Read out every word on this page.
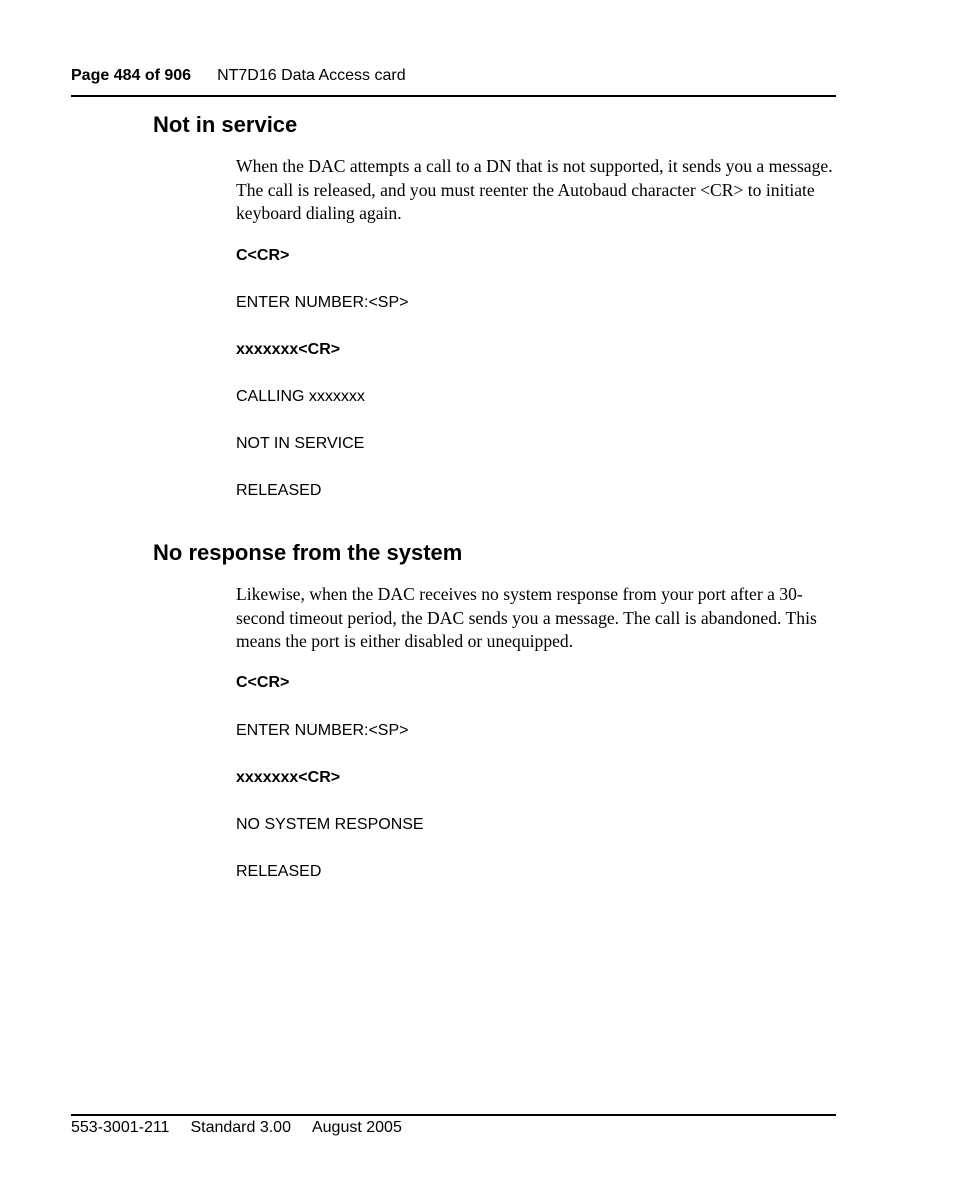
Page 484 of 906 NT7D16 Data Access card
Not in service
When the DAC attempts a call to a DN that is not supported, it sends you a message. The call is released, and you must reenter the Autobaud character <CR> to initiate keyboard dialing again.
C<CR>
ENTER NUMBER:<SP>
xxxxxxx<CR>
CALLING xxxxxxx
NOT IN SERVICE
RELEASED
No response from the system
Likewise, when the DAC receives no system response from your port after a 30-second timeout period, the DAC sends you a message. The call is abandoned. This means the port is either disabled or unequipped.
C<CR>
ENTER NUMBER:<SP>
xxxxxxx<CR>
NO SYSTEM RESPONSE
RELEASED
553-3001-211 Standard 3.00 August 2005
